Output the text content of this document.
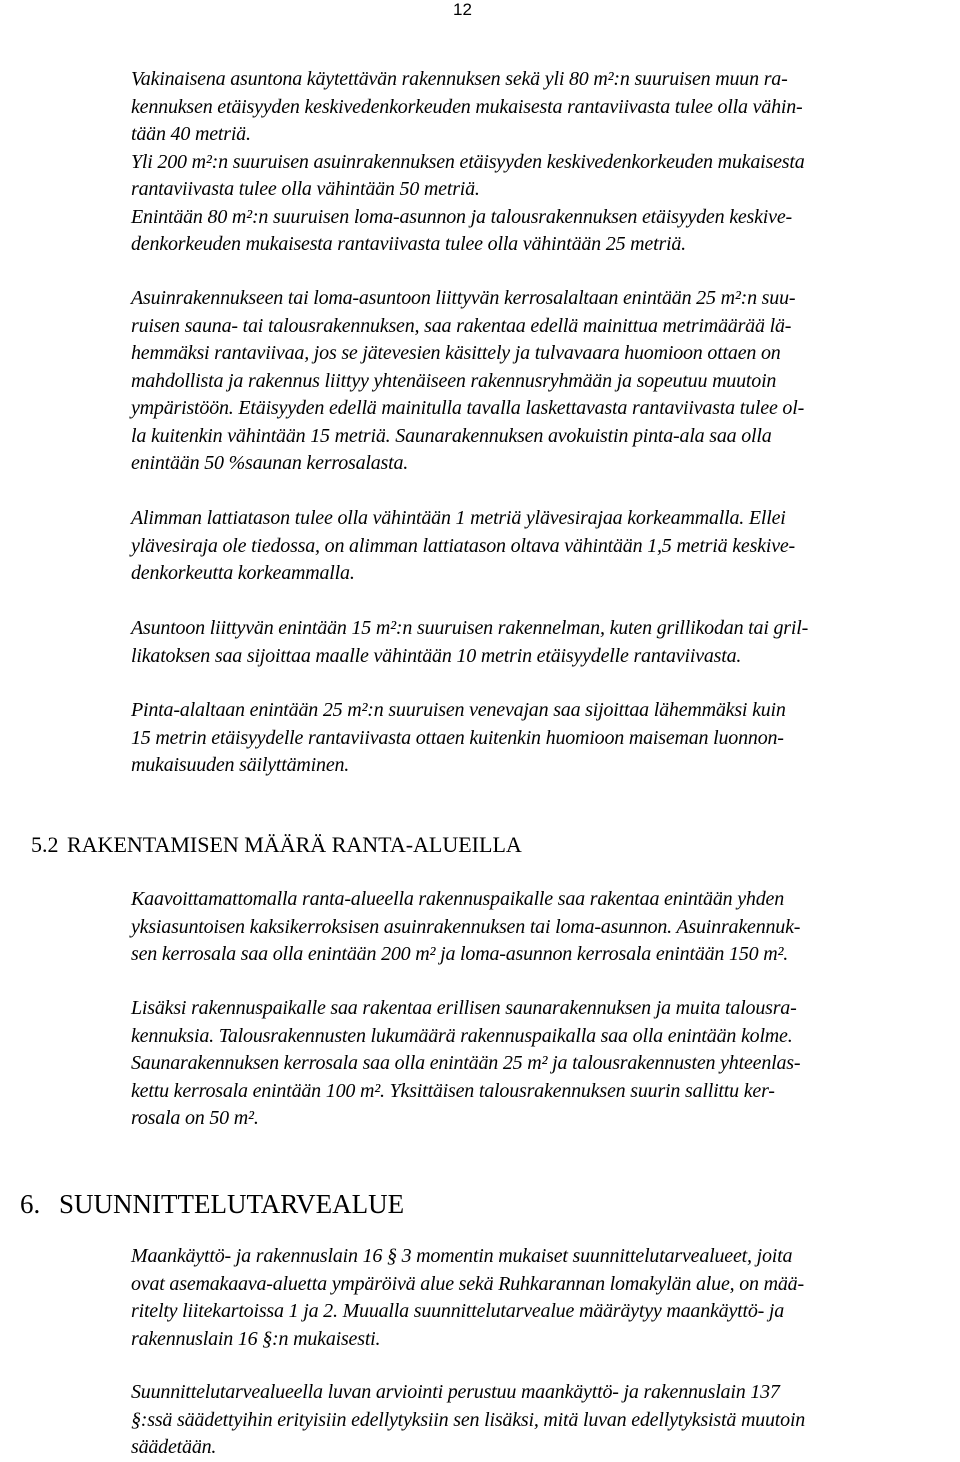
12
Vakinaisena asuntona käytettävän rakennuksen sekä yli 80 m²:n suuruisen muun ra-
kennuksen etäisyyden keskivedenkorkeuden mukaisesta rantaviivasta tulee olla vähin-
tään 40 metriä.
Yli 200 m²:n suuruisen asuinrakennuksen etäisyyden keskivedenkorkeuden mukaisesta
rantaviivasta tulee olla vähintään 50 metriä.
Enintään 80 m²:n suuruisen loma-asunnon ja talousrakennuksen etäisyyden keskive-
denkorkeuden mukaisesta rantaviivasta tulee olla vähintään 25 metriä.
Asuinrakennukseen tai loma-asuntoon liittyvän kerrosalaltaan enintään 25 m²:n suu-
ruisen sauna- tai talousrakennuksen, saa rakentaa edellä mainittua metrimäärää lä-
hemmäksi rantaviivaa, jos se jätevesien käsittely ja tulvavaara huomioon ottaen on
mahdollista ja rakennus liittyy yhtenäiseen rakennusryhmään ja sopeutuu muutoin
ympäristöön. Etäisyyden edellä mainitulla tavalla laskettavasta rantaviivasta tulee ol-
la kuitenkin vähintään 15 metriä. Saunarakennuksen avokuistin pinta-ala saa olla
enintään 50 %saunan kerrosalasta.
Alimman lattiatason tulee olla vähintään 1 metriä ylävesirajaa korkeammalla. Ellei
ylävesiraja ole tiedossa, on alimman lattiatason oltava vähintään 1,5 metriä keskive-
denkorkeutta korkeammalla.
Asuntoon liittyvän enintään 15 m²:n suuruisen rakennelman, kuten grillikodan tai gril-
likatoksen saa sijoittaa maalle vähintään 10 metrin etäisyydelle rantaviivasta.
Pinta-alaltaan enintään 25 m²:n suuruisen venevajan saa sijoittaa lähemmäksi kuin
15 metrin etäisyydelle rantaviivasta ottaen kuitenkin huomioon maiseman luonnon-
mukaisuuden säilyttäminen.
5.2 RAKENTAMISEN MÄÄRÄ RANTA-ALUEILLA
Kaavoittamattomalla ranta-alueella rakennuspaikalle saa rakentaa enintään yhden
yksiasuntoisen kaksikerroksisen asuinrakennuksen tai loma-asunnon. Asuinrakennuk-
sen kerrosala saa olla enintään 200 m² ja loma-asunnon kerrosala enintään 150 m².
Lisäksi rakennuspaikalle saa rakentaa erillisen saunarakennuksen ja muita talousra-
kennuksia. Talousrakennusten lukumäärä rakennuspaikalla saa olla enintään kolme.
Saunarakennuksen kerrosala saa olla enintään 25 m² ja talousrakennusten yhteenlas-
kettu kerrosala enintään 100 m². Yksittäisen talousrakennuksen suurin sallittu ker-
rosala on 50 m².
6. SUUNNITTELUTARVEALUE
Maankäyttö- ja rakennuslain 16 § 3 momentin mukaiset suunnittelutarvealueet, joita
ovat asemakaava-aluetta ympäröivä alue sekä Ruhkarannan lomakylän alue, on mää-
ritelty liitekartoissa 1 ja 2. Muualla suunnittelutarvealue määräytyy maankäyttö- ja
rakennuslain 16 §:n mukaisesti.
Suunnittelutarvealueella luvan arviointi perustuu maankäyttö- ja rakennuslain 137
§:ssä säädettyihin erityisiin edellytyksiin sen lisäksi, mitä luvan edellytyksistä muutoin
säädetään.
